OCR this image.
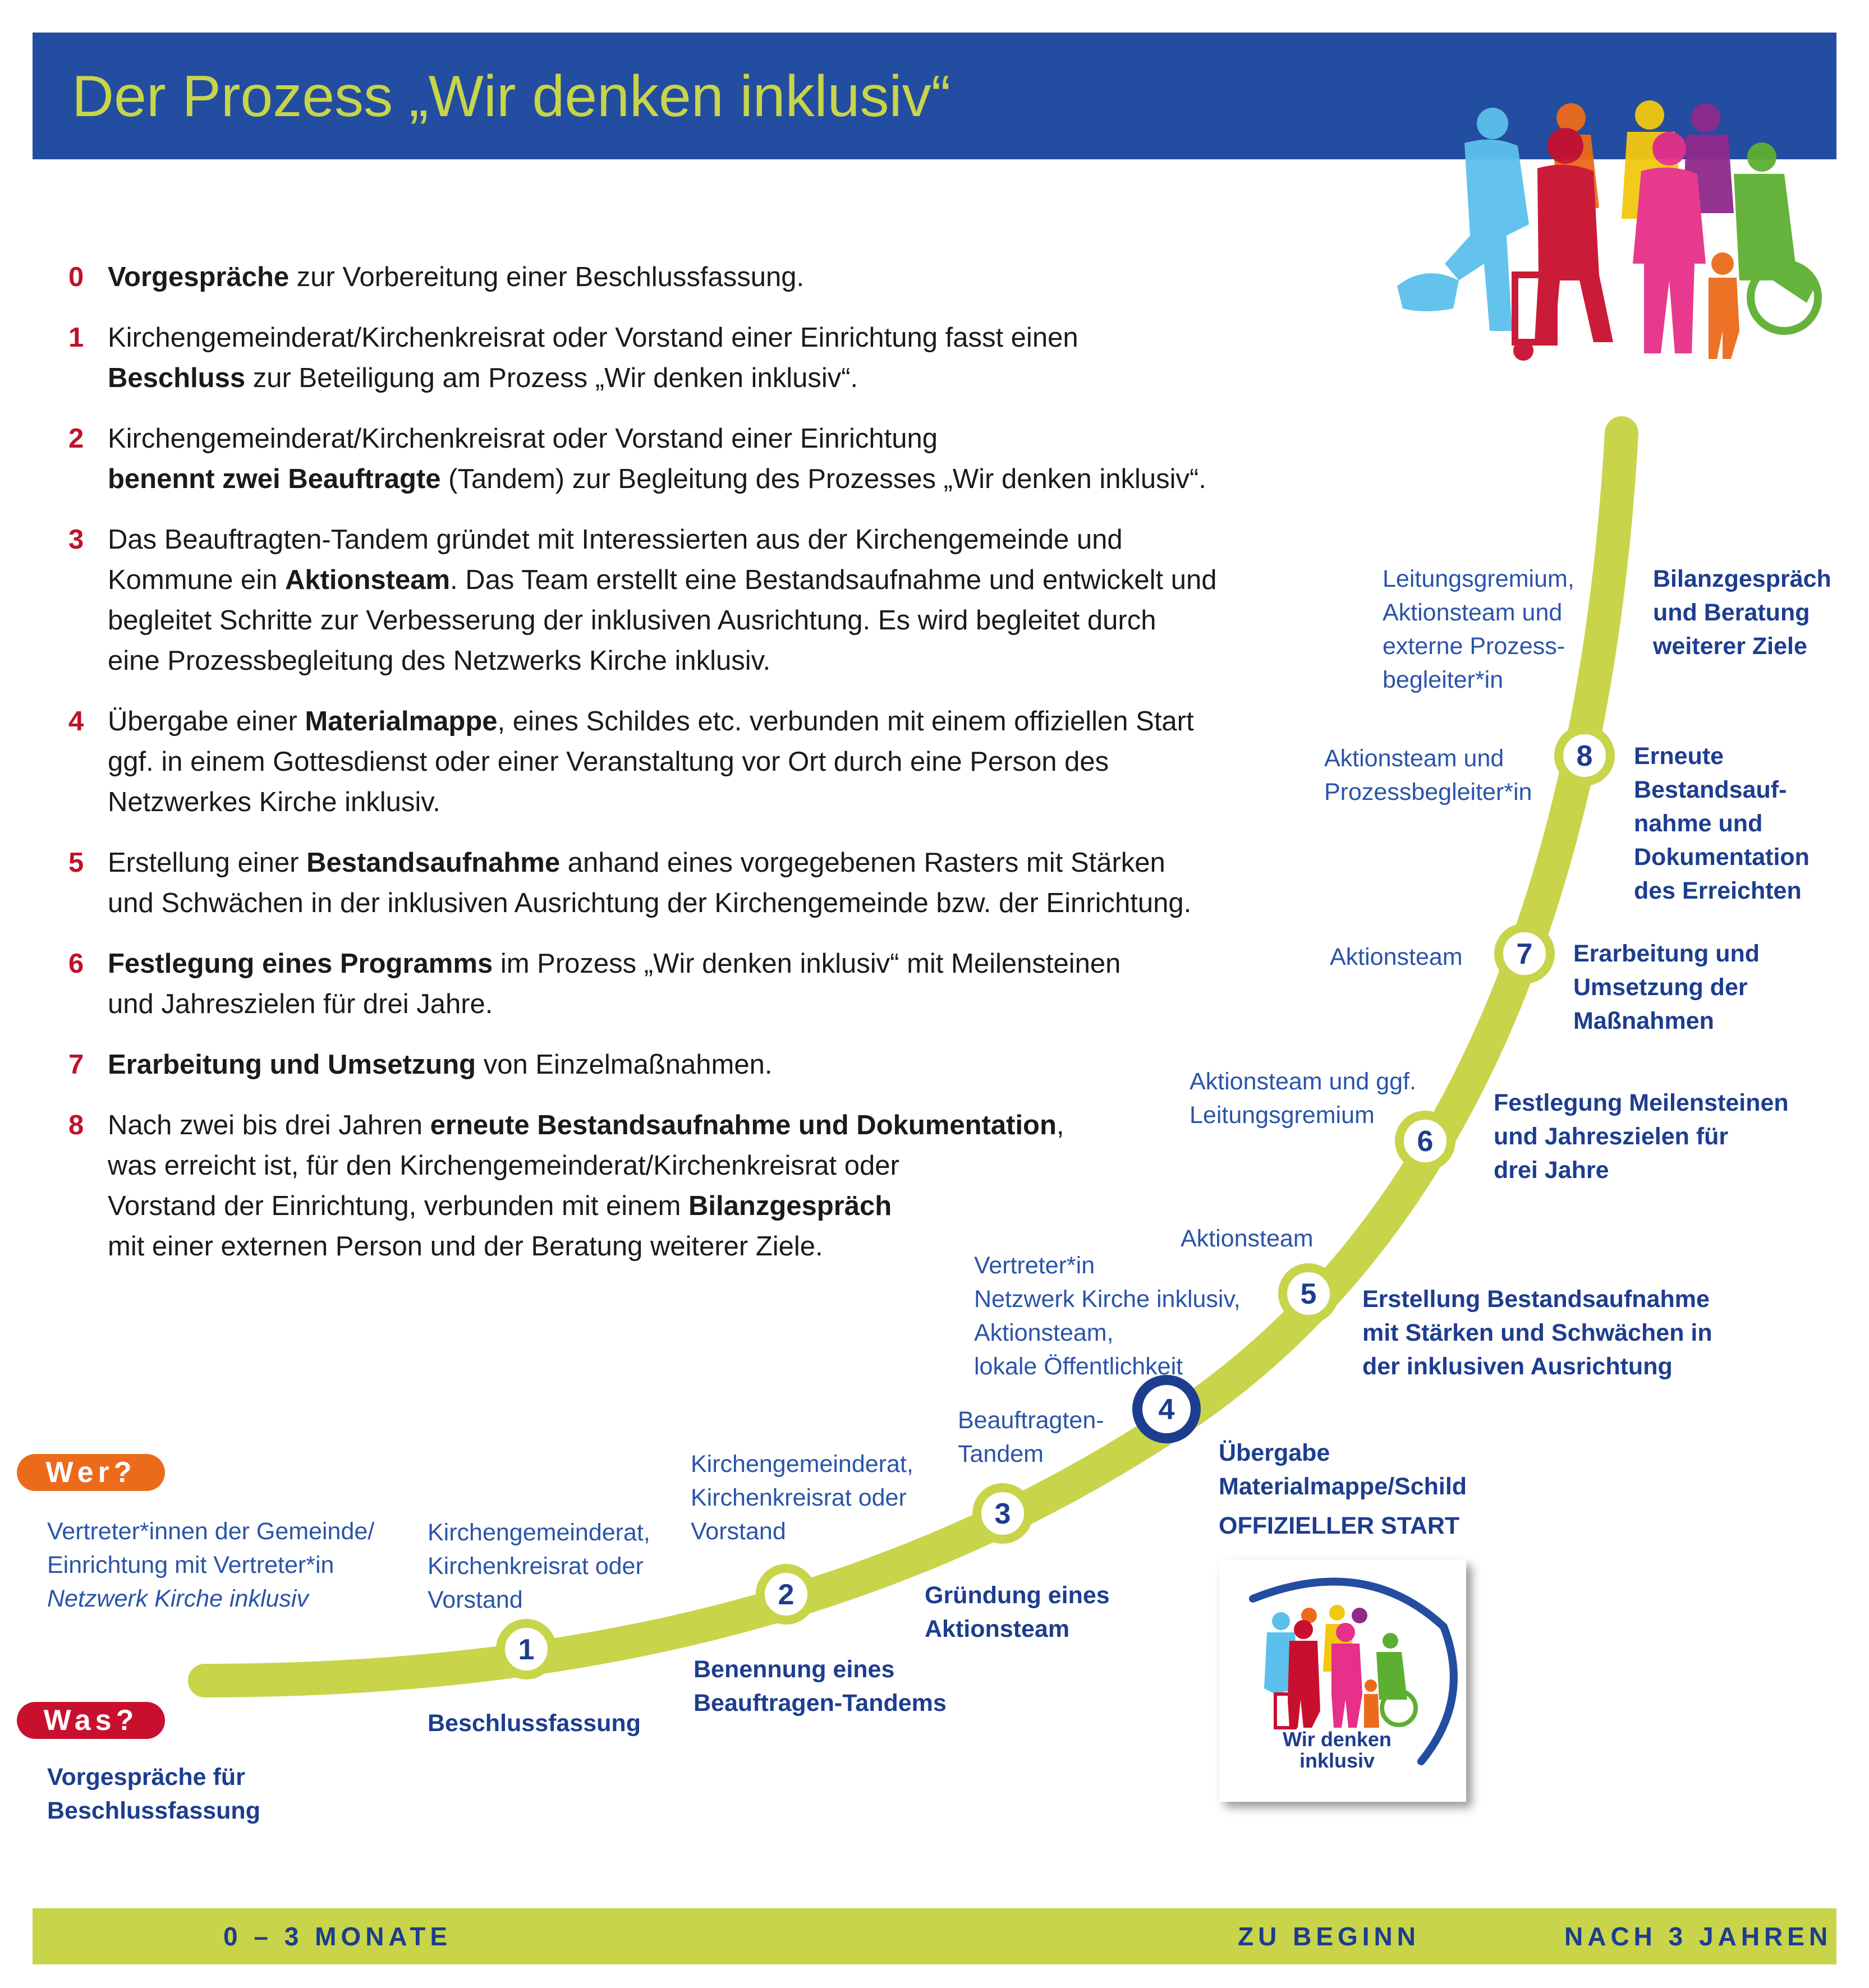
Der Prozess „Wir denken inklusiv“
0 Vorgespräche zur Vorbereitung einer Beschlussfassung.
1 Kirchengemeinderat/Kirchenkreisrat oder Vorstand einer Einrichtung fasst einen
Beschluss zur Beteiligung am Prozess „Wir denken inklusiv“.
2 Kirchengemeinderat/Kirchenkreisrat oder Vorstand einer Einrichtung
benennt zwei Beauftragte (Tandem) zur Begleitung des Prozesses „Wir denken inklusiv“.
3 Das Beauftragten-Tandem gründet mit Interessierten aus der Kirchengemeinde und
Kommune ein Aktionsteam. Das Team erstellt eine Bestandsaufnahme und entwickelt und
begleitet Schritte zur Verbesserung der inklusiven Ausrichtung. Es wird begleitet durch
eine Prozessbegleitung des Netzwerks Kirche inklusiv.
4 Übergabe einer Materialmappe, eines Schildes etc. verbunden mit einem offiziellen Start
ggf. in einem Gottesdienst oder einer Veranstaltung vor Ort durch eine Person des
Netzwerkes Kirche inklusiv.
5 Erstellung einer Bestandsaufnahme anhand eines vorgegebenen Rasters mit Stärken
und Schwächen in der inklusiven Ausrichtung der Kirchengemeinde bzw. der Einrichtung.
6 Festlegung eines Programms im Prozess „Wir denken inklusiv“ mit Meilensteinen
und Jahreszielen für drei Jahre.
7 Erarbeitung und Umsetzung von Einzelmaßnahmen.
8 Nach zwei bis drei Jahren erneute Bestandsaufnahme und Dokumentation,
was erreicht ist, für den Kirchengemeinderat/Kirchenkreisrat oder
Vorstand der Einrichtung, verbunden mit einem Bilanzgespräch
mit einer externen Person und der Beratung weiterer Ziele.
1
2
3
4
5
6
7
8
Wer?
Was?
Vertreter*innen der Gemeinde/
Einrichtung mit Vertreter*in
Netzwerk Kirche inklusiv
Kirchengemeinderat,
Kirchenkreisrat oder
Vorstand
Kirchengemeinderat,
Kirchenkreisrat oder
Vorstand
Beauftragten-
Tandem
Vertreter*in
Netzwerk Kirche inklusiv,
Aktionsteam,
lokale Öffentlichkeit
Aktionsteam
Aktionsteam und ggf.
Leitungsgremium
Aktionsteam
Aktionsteam und
Prozessbegleiter*in
Leitungsgremium,
Aktionsteam und
externe Prozess-
begleiter*in
Vorgespräche für
Beschlussfassung
Beschlussfassung
Benennung eines
Beauftragen-Tandems
Gründung eines
Aktionsteam
Übergabe
Materialmappe/Schild
OFFIZIELLER START
Erstellung Bestandsaufnahme
mit Stärken und Schwächen in
der inklusiven Ausrichtung
Festlegung Meilensteinen
und Jahreszielen für
drei Jahre
Erarbeitung und
Umsetzung der
Maßnahmen
Erneute
Bestandsauf-
nahme und
Dokumentation
des Erreichten
Bilanzgespräch
und Beratung
weiterer Ziele
Wir denken
inklusiv
0 – 3 MONATE	ZU BEGINN	NACH 3 JAHREN
